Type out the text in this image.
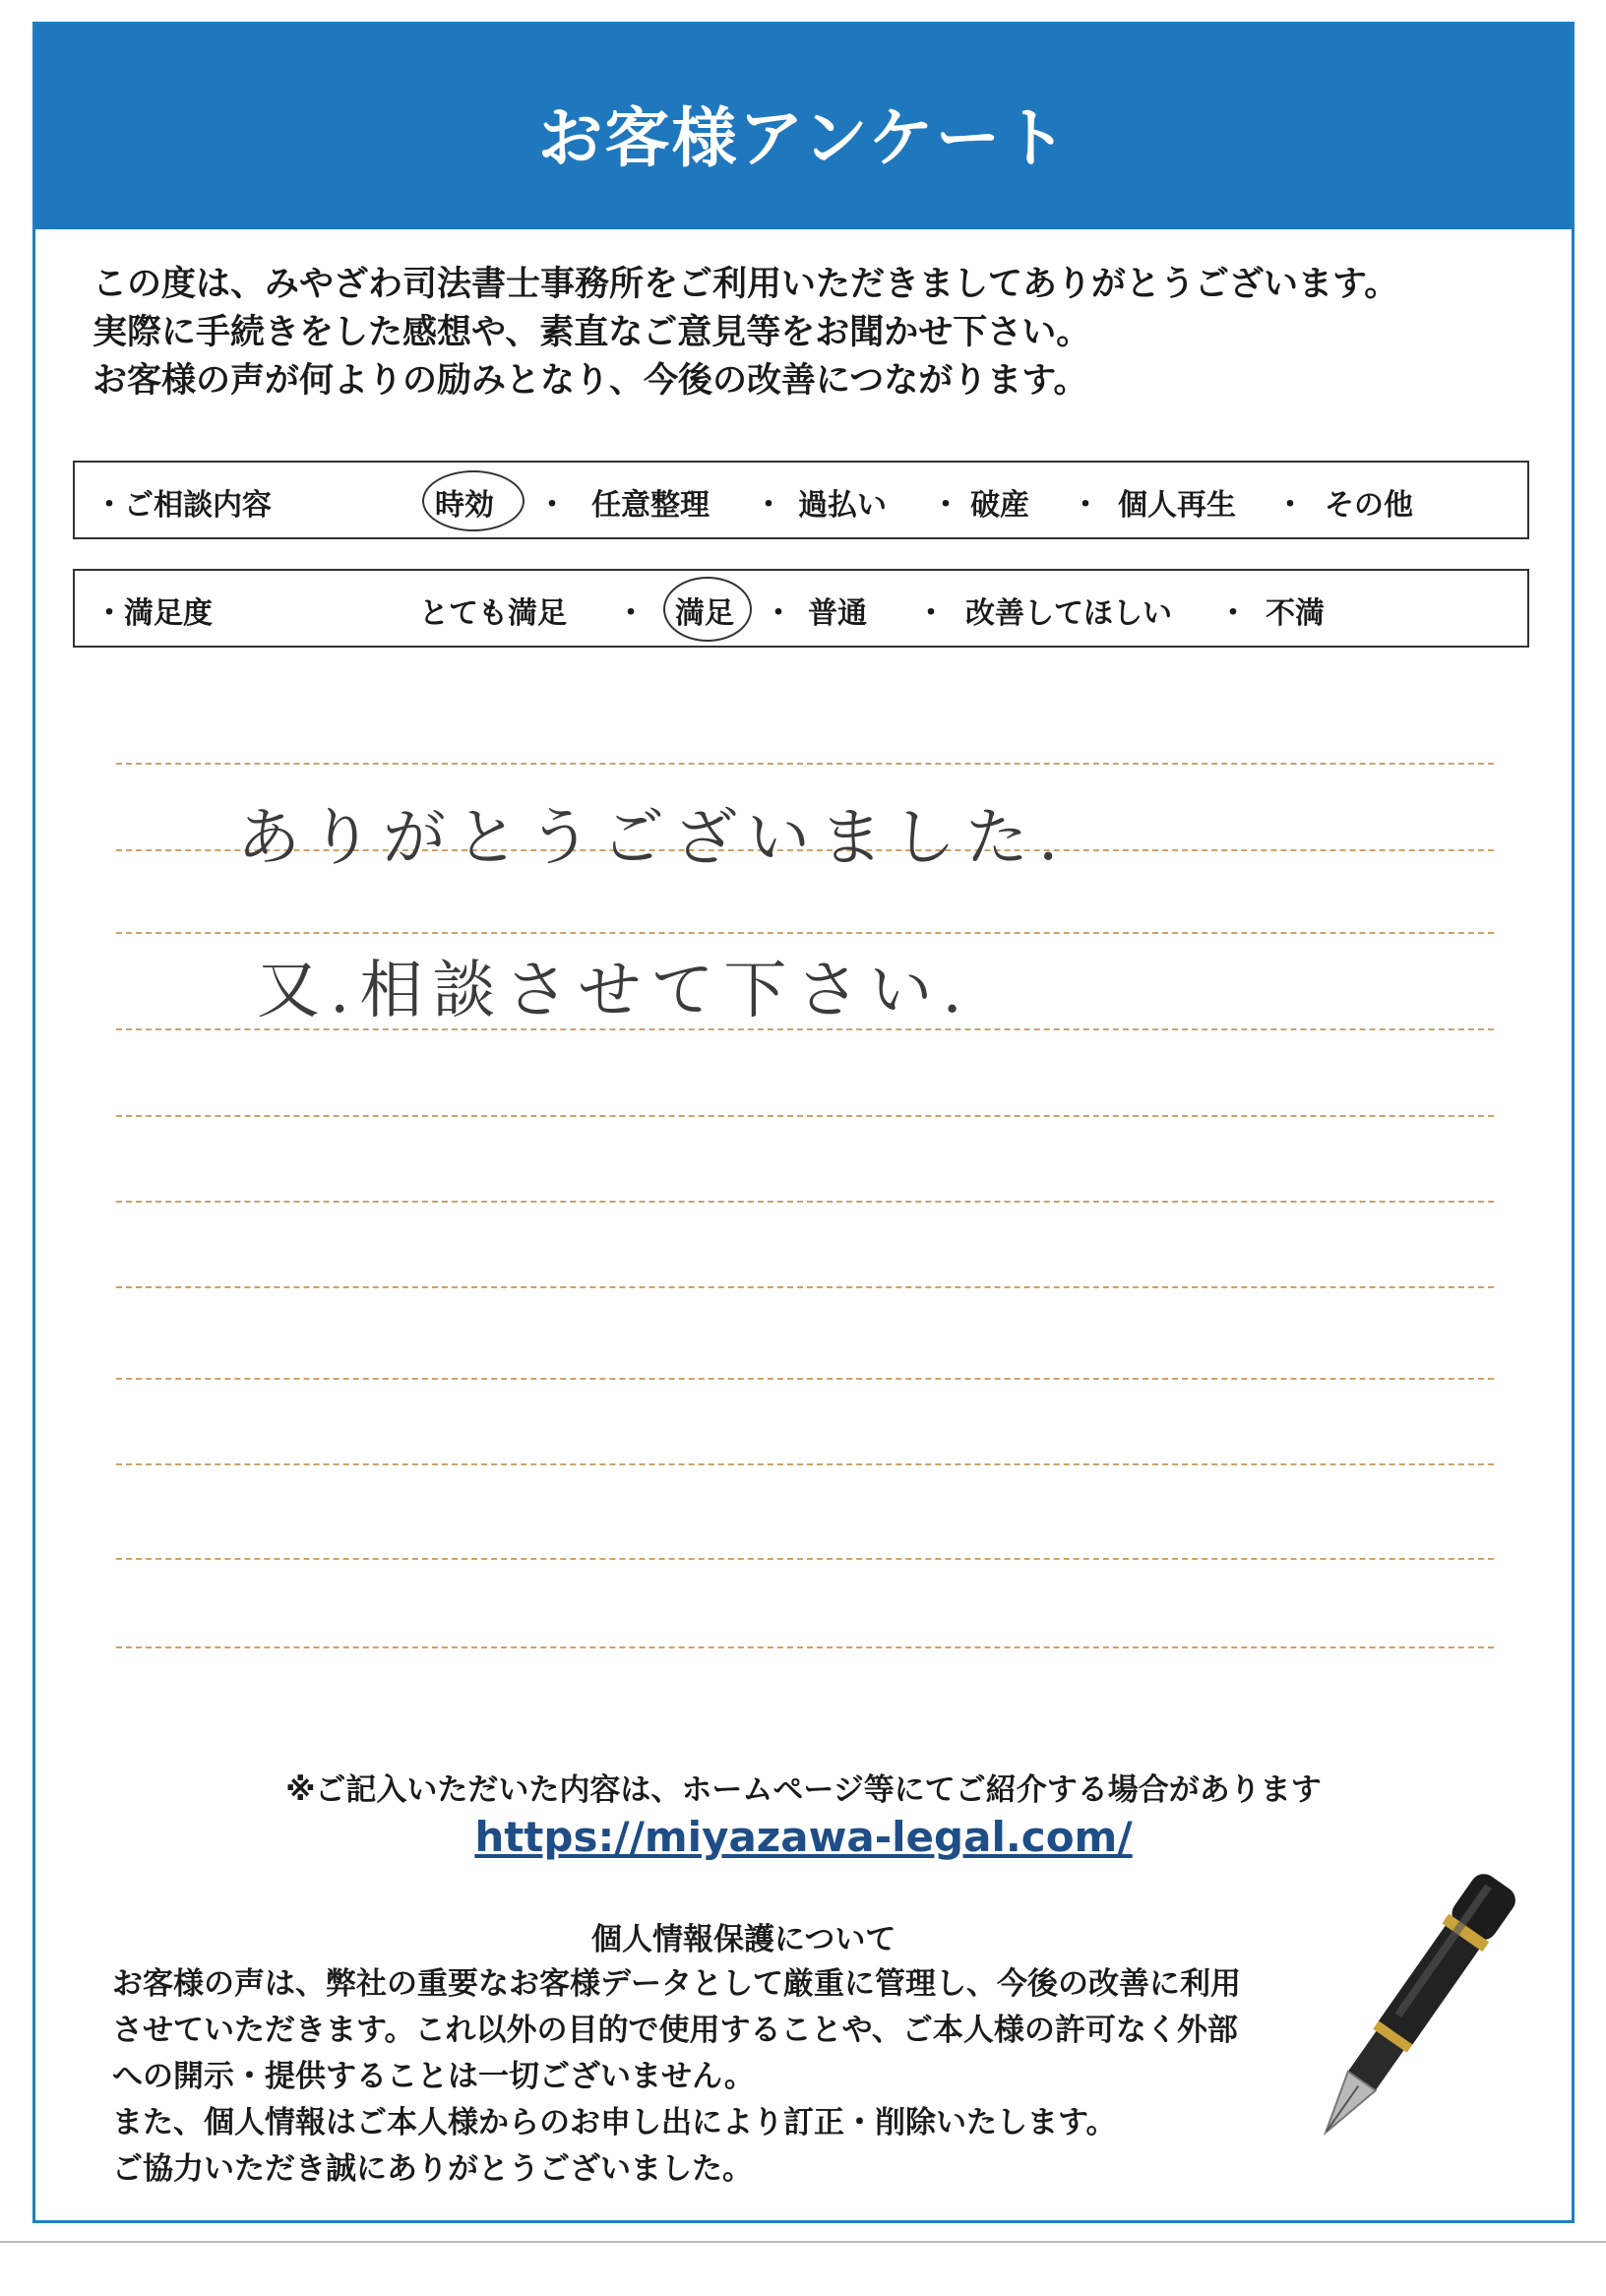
お客様アンケート
この度は、みやざわ司法書士事務所をご利用いただきましてありがとうございます。
実際に手続きをした感想や、素直なご意見等をお聞かせ下さい。
お客様の声が何よりの励みとなり、今後の改善につながります。
・ご相談内容	時効 ・ 任意整理 ・ 過払い ・ 破産 ・ 個人再生 ・ その他
・満足度	とても満足 ・ 満足 ・ 普通 ・ 改善してほしい ・ 不満
ありがとうございました.
又.相談させて下さい.
※ご記入いただいた内容は、ホームページ等にてご紹介する場合があります
https://miyazawa-legal.com/
個人情報保護について
お客様の声は、弊社の重要なお客様データとして厳重に管理し、今後の改善に利用
させていただきます。これ以外の目的で使用することや、ご本人様の許可なく外部
への開示・提供することは一切ございません。
また、個人情報はご本人様からのお申し出により訂正・削除いたします。
ご協力いただき誠にありがとうございました。
